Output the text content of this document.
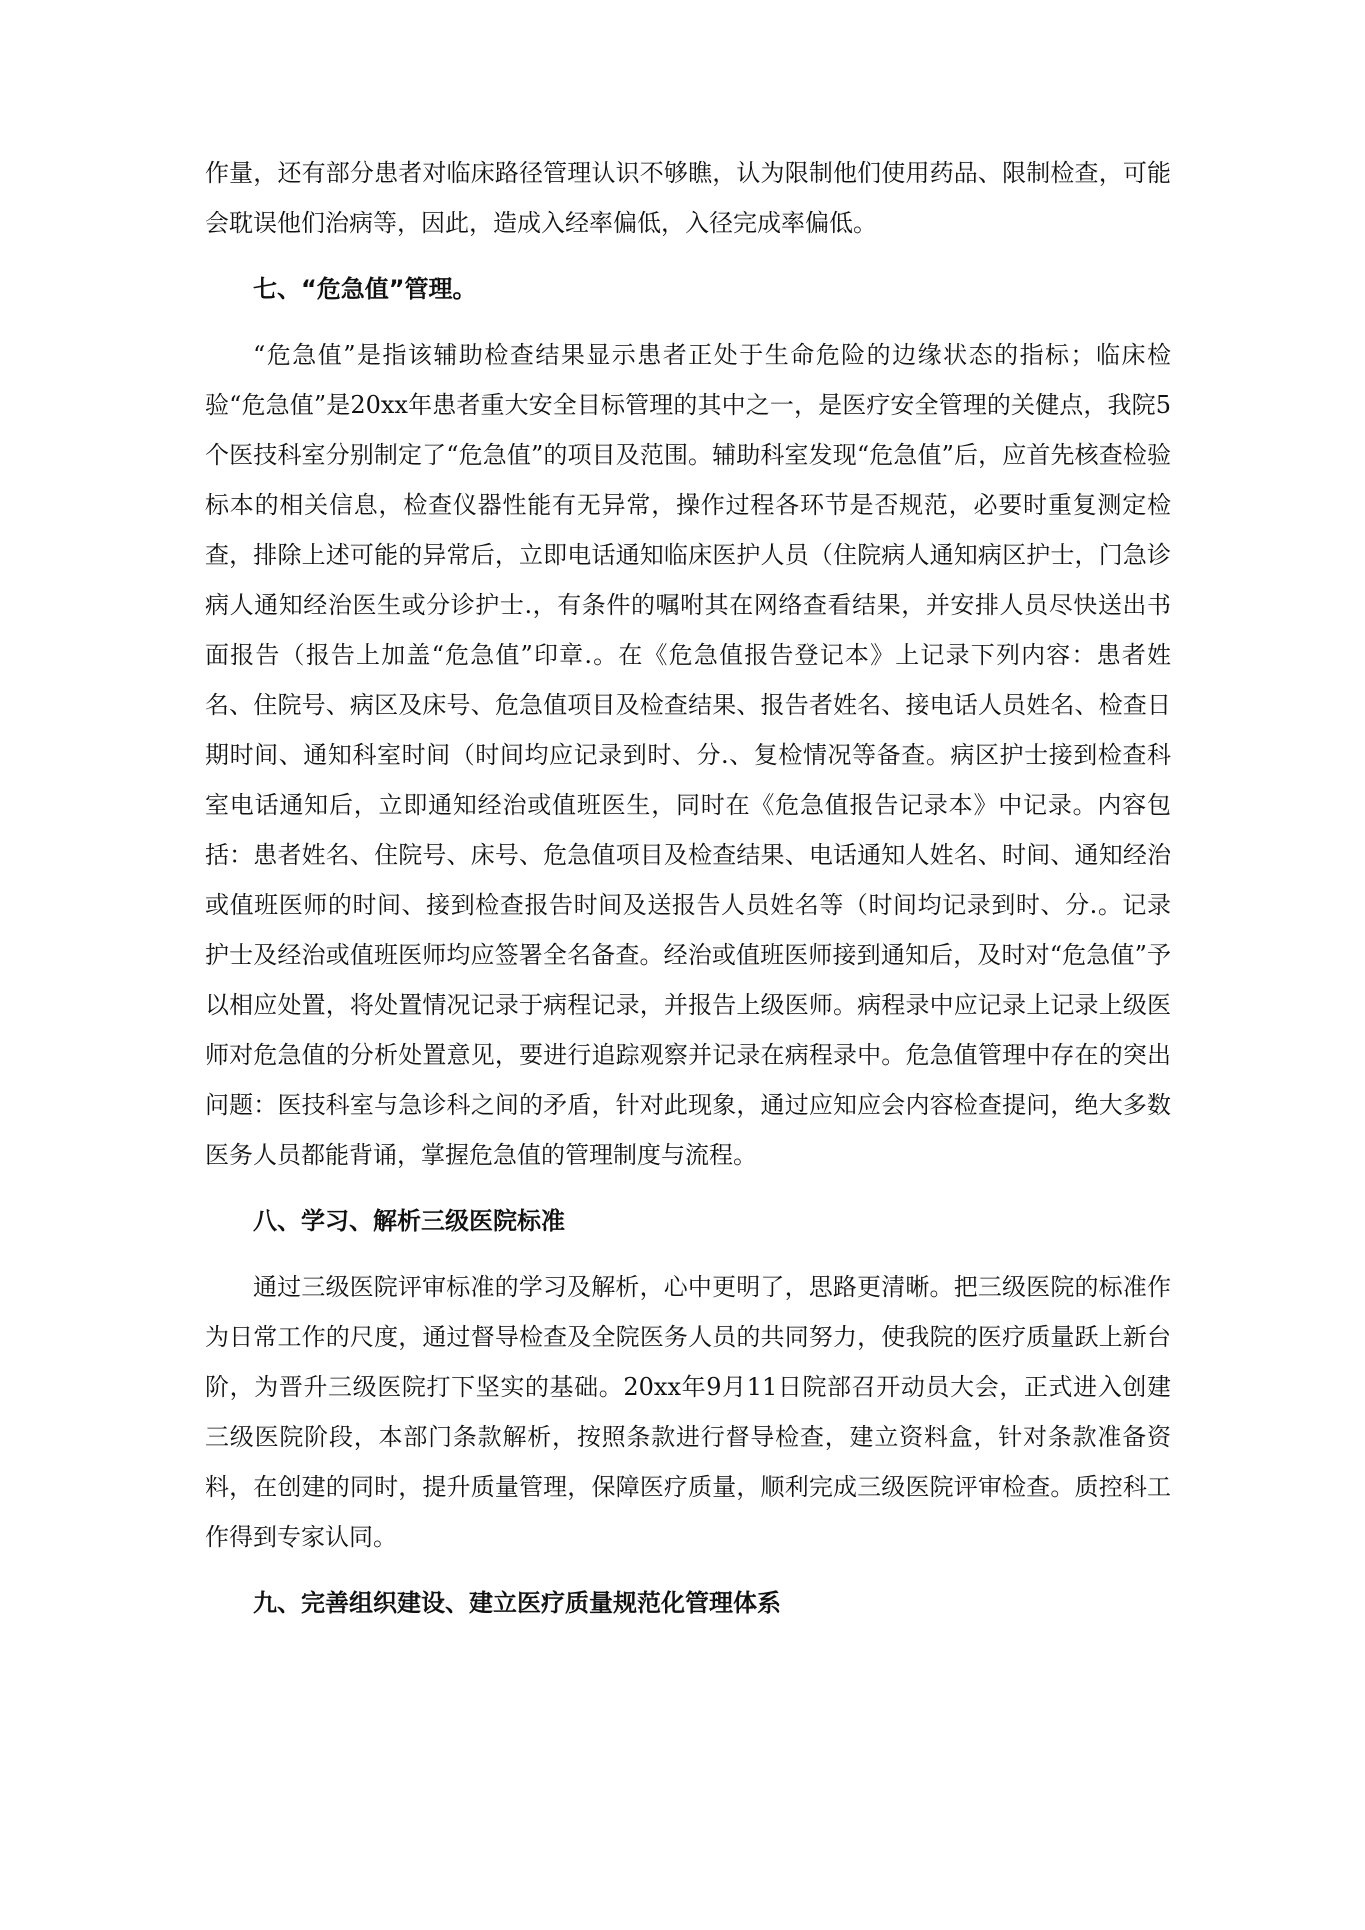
作量，还有部分患者对临床路径管理认识不够瞧，认为限制他们使用药品、限制检查，可能会耽误他们治病等，因此，造成入经率偏低，入径完成率偏低。

七、“危急值”管理。

“危急值”是指该辅助检查结果显示患者正处于生命危险的边缘状态的指标；临床检验“危急值”是20xx年患者重大安全目标管理的其中之一，是医疗安全管理的关健点，我院5个医技科室分别制定了“危急值”的项目及范围。辅助科室发现“危急值”后，应首先核查检验标本的相关信息，检查仪器性能有无异常，操作过程各环节是否规范，必要时重复测定检查，排除上述可能的异常后，立即电话通知临床医护人员（住院病人通知病区护士，门急诊病人通知经治医生或分诊护士.，有条件的嘱咐其在网络查看结果，并安排人员尽快送出书面报告（报告上加盖“危急值”印章.。在《危急值报告登记本》上记录下列内容：患者姓名、住院号、病区及床号、危急值项目及检查结果、报告者姓名、接电话人员姓名、检查日期时间、通知科室时间（时间均应记录到时、分.、复检情况等备查。病区护士接到检查科室电话通知后，立即通知经治或值班医生，同时在《危急值报告记录本》中记录。内容包括：患者姓名、住院号、床号、危急值项目及检查结果、电话通知人姓名、时间、通知经治或值班医师的时间、接到检查报告时间及送报告人员姓名等（时间均记录到时、分.。记录护士及经治或值班医师均应签署全名备查。经治或值班医师接到通知后，及时对“危急值”予以相应处置，将处置情况记录于病程记录，并报告上级医师。病程录中应记录上记录上级医师对危急值的分析处置意见，要进行追踪观察并记录在病程录中。危急值管理中存在的突出问题：医技科室与急诊科之间的矛盾，针对此现象，通过应知应会内容检查提问，绝大多数医务人员都能背诵，掌握危急值的管理制度与流程。

八、学习、解析三级医院标准

通过三级医院评审标准的学习及解析，心中更明了，思路更清晰。把三级医院的标准作为日常工作的尺度，通过督导检查及全院医务人员的共同努力，使我院的医疗质量跃上新台阶，为晋升三级医院打下坚实的基础。20xx年9月11日院部召开动员大会，正式进入创建三级医院阶段，本部门条款解析，按照条款进行督导检查，建立资料盒，针对条款准备资料，在创建的同时，提升质量管理，保障医疗质量，顺利完成三级医院评审检查。质控科工作得到专家认同。

九、完善组织建设、建立医疗质量规范化管理体系
